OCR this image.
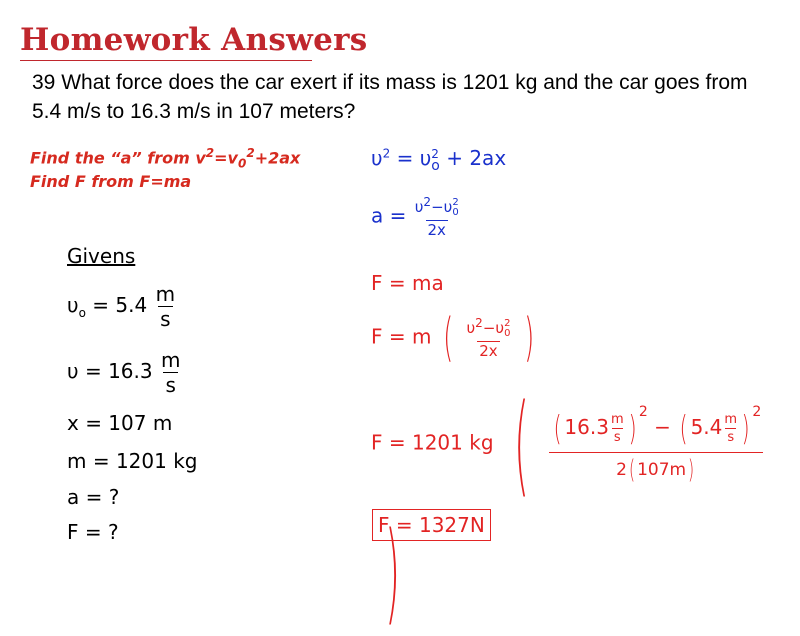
Homework Answers
39 What force does the car exert if its mass is 1201 kg and the car goes from 5.4 m/s to 16.3 m/s in 107 meters?
Find the “a” from $v^2=v_0^2+2ax$
Find F from F=ma
Givens
$\upsilon_o = 5.4 \frac{m}{s}$
$\upsilon = 16.3 \frac{m}{s}$
x = 107 m
m = 1201 kg
a = ?
F = ?
$\upsilon^2 = \upsilon$ 2
o + 2ax
$a = \upsilon^2-\upsilon$ 2
0
2x
F = ma
F = m ( $\upsilon^2-\upsilon$ 2
0
2x )
F = 1201 kg ( $\frac{( 16.3 \frac{m}{s} ) ^2 - ( 5.4 \frac{m}{s} ) ^2}{2( 107m)}$
)
F = 1327N
